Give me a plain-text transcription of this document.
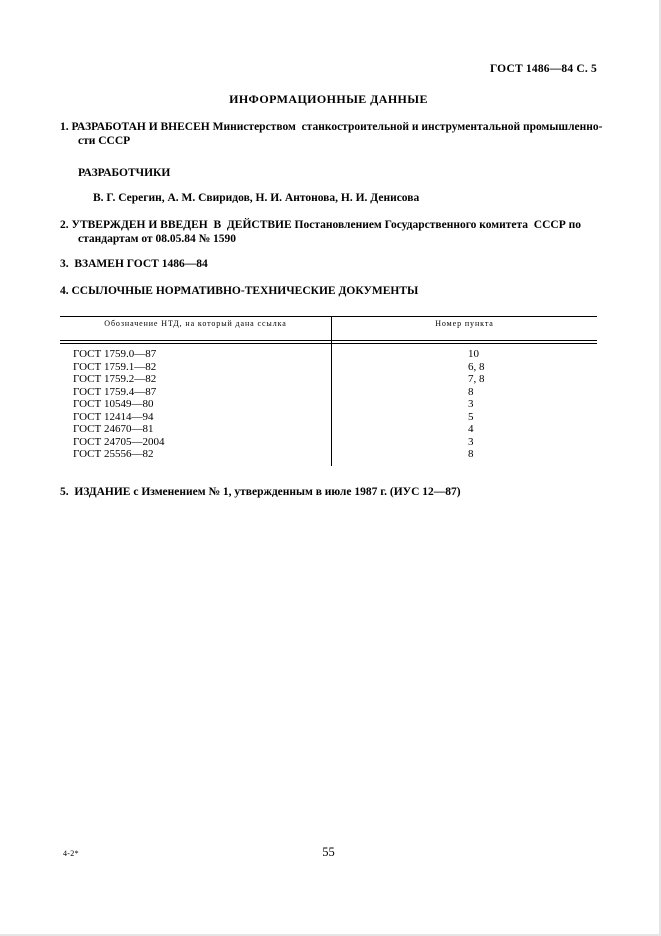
ГОСТ 1486—84 С. 5
ИНФОРМАЦИОННЫЕ ДАННЫЕ
1. РАЗРАБОТАН И ВНЕСЕН Министерством  станкостроительной и инструментальной промышленно-
сти СССР
РАЗРАБОТЧИКИ
В. Г. Серегин, А. М. Свиридов, Н. И. Антонова, Н. И. Денисова
2. УТВЕРЖДЕН И ВВЕДЕН  В  ДЕЙСТВИЕ Постановлением Государственного комитета  СССР по
стандартам от 08.05.84 № 1590
3.  ВЗАМЕН ГОСТ 1486—84
4. ССЫЛОЧНЫЕ НОРМАТИВНО-ТЕХНИЧЕСКИЕ ДОКУМЕНТЫ
Обозначение НТД, на который дана ссылка	Номер пункта
ГОСТ 1759.0—87	10
ГОСТ 1759.1—82	6, 8
ГОСТ 1759.2—82	7, 8
ГОСТ 1759.4—87	8
ГОСТ 10549—80	3
ГОСТ 12414—94	5
ГОСТ 24670—81	4
ГОСТ 24705—2004	3
ГОСТ 25556—82	8
5.  ИЗДАНИЕ с Изменением № 1, утвержденным в июле 1987 г. (ИУС 12—87)
4-2*	55
